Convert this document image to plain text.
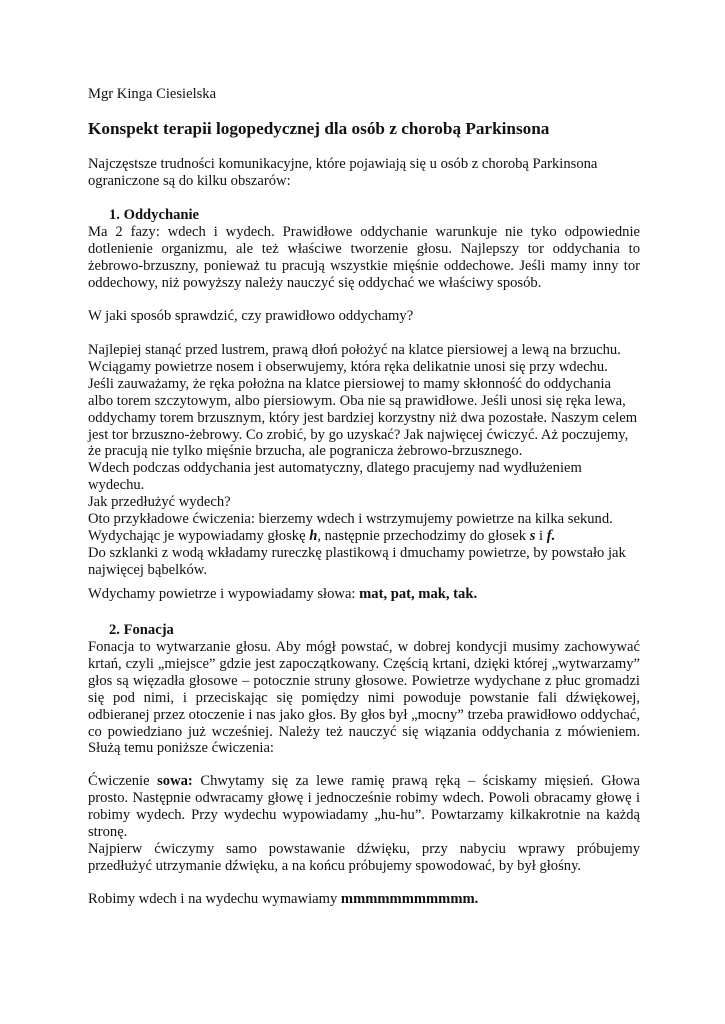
Mgr Kinga Ciesielska

Konspekt terapii logopedycznej dla osób z chorobą Parkinsona

Najczęstsze trudności komunikacyjne, które pojawiają się u osób z chorobą Parkinsona
ograniczone są do kilku obszarów:

1. Oddychanie

Ma 2 fazy: wdech i wydech. Prawidłowe oddychanie warunkuje nie tyko odpowiednie
dotlenienie organizmu, ale też właściwe tworzenie głosu. Najlepszy tor oddychania to
żebrowo-brzuszny, ponieważ tu pracują wszystkie mięśnie oddechowe. Jeśli mamy inny tor
oddechowy, niż powyższy należy nauczyć się oddychać we właściwy sposób.

W jaki sposób sprawdzić, czy prawidłowo oddychamy?

Najlepiej stanąć przed lustrem, prawą dłoń położyć na klatce piersiowej a lewą na brzuchu.
Wciągamy powietrze nosem i obserwujemy, która ręka delikatnie unosi się przy wdechu.
Jeśli zauważamy, że ręka położna na klatce piersiowej to mamy skłonność do oddychania
albo torem szczytowym, albo piersiowym. Oba nie są prawidłowe. Jeśli unosi się ręka lewa,
oddychamy torem brzusznym, który jest bardziej korzystny niż dwa pozostałe. Naszym celem
jest tor brzuszno-żebrowy. Co zrobić, by go uzyskać? Jak najwięcej ćwiczyć. Aż poczujemy,
że pracują nie tylko mięśnie brzucha, ale pogranicza żebrowo-brzusznego.
Wdech podczas oddychania jest automatyczny, dlatego pracujemy nad wydłużeniem
wydechu.
Jak przedłużyć wydech?
Oto przykładowe ćwiczenia: bierzemy wdech i wstrzymujemy powietrze na kilka sekund.
Wydychając je wypowiadamy głoskę h, następnie przechodzimy do głosek s i f.
Do szklanki z wodą wkładamy rureczkę plastikową i dmuchamy powietrze, by powstało jak
najwięcej bąbelków.

Wdychamy powietrze i wypowiadamy słowa: mat, pat, mak, tak.

2. Fonacja

Fonacja to wytwarzanie głosu. Aby mógł powstać, w dobrej kondycji musimy zachowywać
krtań, czyli „miejsce” gdzie jest zapoczątkowany. Częścią krtani, dzięki której „wytwarzamy”
głos są więzadła głosowe – potocznie struny głosowe. Powietrze wydychane z płuc gromadzi
się pod nimi, i przeciskając się pomiędzy nimi powoduje powstanie fali dźwiękowej,
odbieranej przez otoczenie i nas jako głos. By głos był „mocny” trzeba prawidłowo oddychać,
co powiedziano już wcześniej. Należy też nauczyć się wiązania oddychania z mówieniem.
Służą temu poniższe ćwiczenia:

Ćwiczenie sowa: Chwytamy się za lewe ramię prawą ręką – ściskamy mięsień. Głowa
prosto. Następnie odwracamy głowę i jednocześnie robimy wdech. Powoli obracamy głowę i
robimy wydech. Przy wydechu wypowiadamy „hu-hu”. Powtarzamy kilkakrotnie na każdą
stronę.
Najpierw ćwiczymy samo powstawanie dźwięku, przy nabyciu wprawy próbujemy
przedłużyć utrzymanie dźwięku, a na końcu próbujemy spowodować, by był głośny.

Robimy wdech i na wydechu wymawiamy mmmmmmmmmmm.
